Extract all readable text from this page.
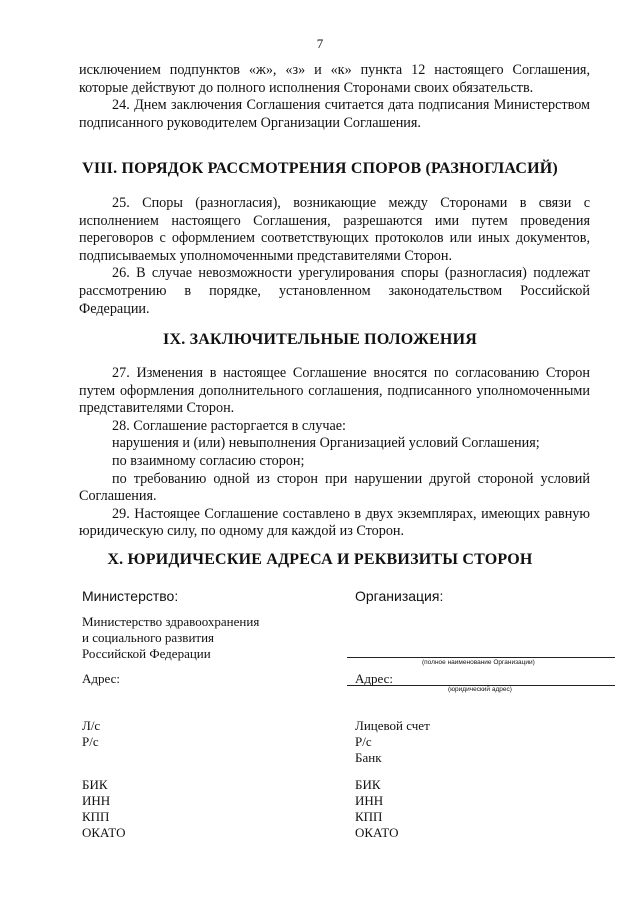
7

исключением подпунктов «ж», «з» и «к» пункта 12 настоящего Соглашения, которые действуют до полного исполнения Сторонами своих обязательств.

24. Днем заключения Соглашения считается дата подписания Министерством подписанного руководителем Организации Соглашения.

VIII. ПОРЯДОК РАССМОТРЕНИЯ СПОРОВ (РАЗНОГЛАСИЙ)

25. Споры (разногласия), возникающие между Сторонами в связи с исполнением настоящего Соглашения, разрешаются ими путем проведения переговоров с оформлением соответствующих протоколов или иных документов, подписываемых уполномоченными представителями Сторон.

26. В случае невозможности урегулирования споры (разногласия) подлежат рассмотрению в порядке, установленном законодательством Российской Федерации.

IX. ЗАКЛЮЧИТЕЛЬНЫЕ ПОЛОЖЕНИЯ

27. Изменения в настоящее Соглашение вносятся по согласованию Сторон путем оформления дополнительного соглашения, подписанного уполномоченными представителями Сторон.

28. Соглашение расторгается в случае:

нарушения и (или) невыполнения Организацией условий Соглашения;

по взаимному согласию сторон;

по требованию одной из сторон при нарушении другой стороной условий Соглашения.

29. Настоящее Соглашение составлено в двух экземплярах, имеющих равную юридическую силу, по одному для каждой из Сторон.

X. ЮРИДИЧЕСКИЕ АДРЕСА И РЕКВИЗИТЫ СТОРОН
Министерство:
Министерство здравоохранения
и социального развития
Российской Федерации
Адрес:
Л/с
Р/с
БИК
ИНН
КПП
ОКАТО
Организация:
(полное наименование Организации)
Адрес:
(юридический адрес)
Лицевой счет
Р/с
Банк
БИК
ИНН
КПП
ОКАТО
